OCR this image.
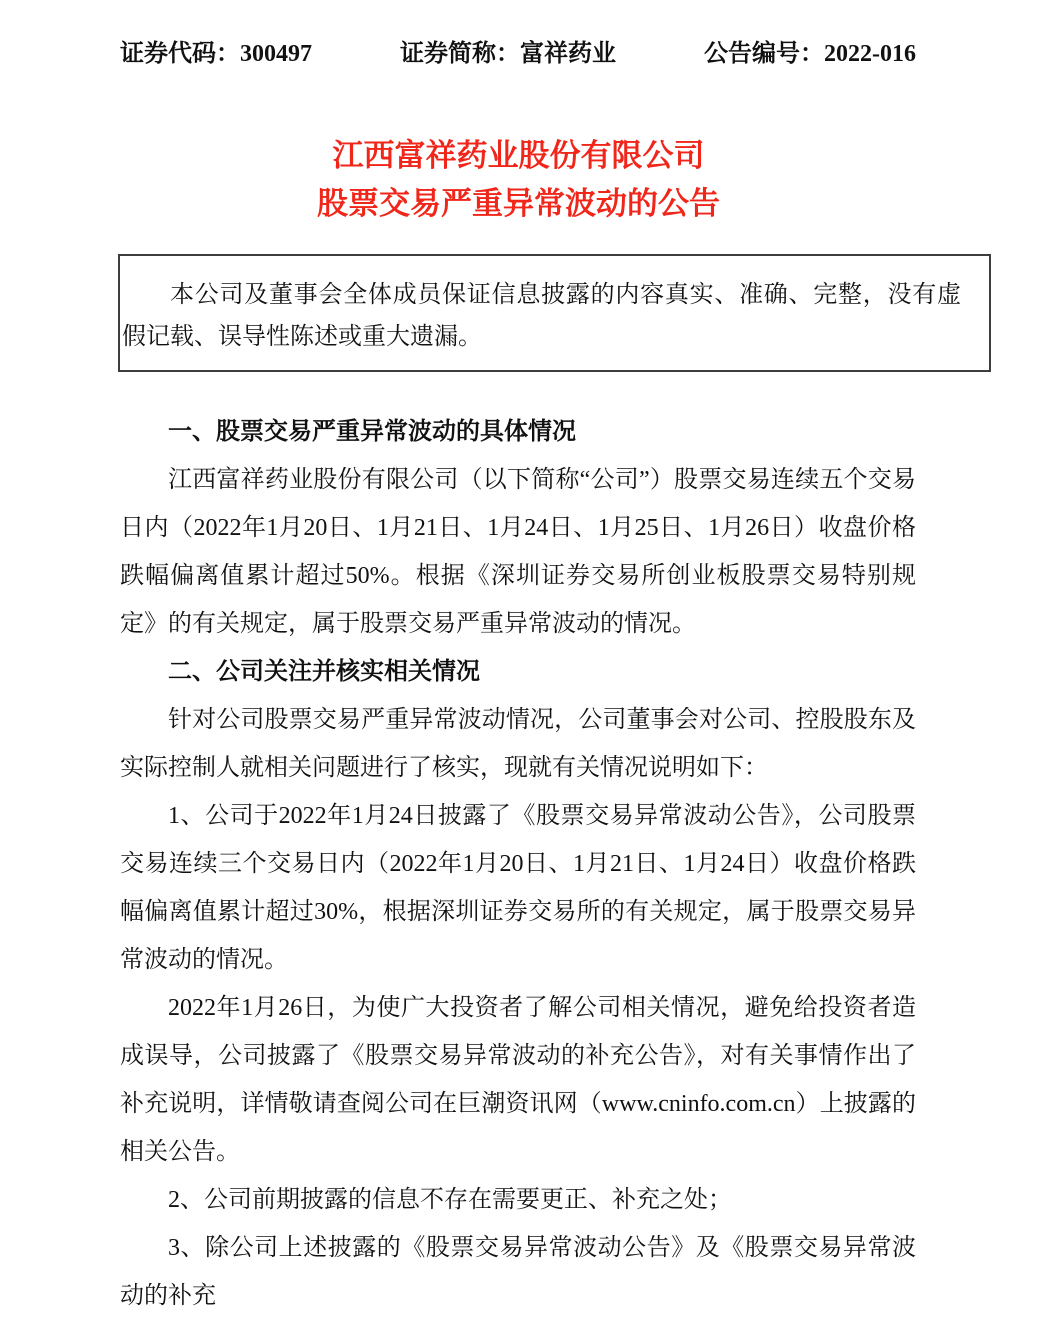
证券代码：300497	证券简称：富祥药业	公告编号：2022-016
江西富祥药业股份有限公司
股票交易严重异常波动的公告

本公司及董事会全体成员保证信息披露的内容真实、准确、完整，没有虚假记载、误导性陈述或重大遗漏。

一、股票交易严重异常波动的具体情况

江西富祥药业股份有限公司（以下简称“公司”）股票交易连续五个交易日内（2022年1月20日、1月21日、1月24日、1月25日、1月26日）收盘价格跌幅偏离值累计超过50%。根据《深圳证券交易所创业板股票交易特别规定》的有关规定，属于股票交易严重异常波动的情况。

二、公司关注并核实相关情况

针对公司股票交易严重异常波动情况，公司董事会对公司、控股股东及实际控制人就相关问题进行了核实，现就有关情况说明如下：

1、公司于2022年1月24日披露了《股票交易异常波动公告》，公司股票交易连续三个交易日内（2022年1月20日、1月21日、1月24日）收盘价格跌幅偏离值累计超过30%，根据深圳证券交易所的有关规定，属于股票交易异常波动的情况。

2022年1月26日，为使广大投资者了解公司相关情况，避免给投资者造成误导，公司披露了《股票交易异常波动的补充公告》，对有关事情作出了补充说明，详情敬请查阅公司在巨潮资讯网（www.cninfo.com.cn）上披露的相关公告。

2、公司前期披露的信息不存在需要更正、补充之处；

3、除公司上述披露的《股票交易异常波动公告》及《股票交易异常波动的补充
